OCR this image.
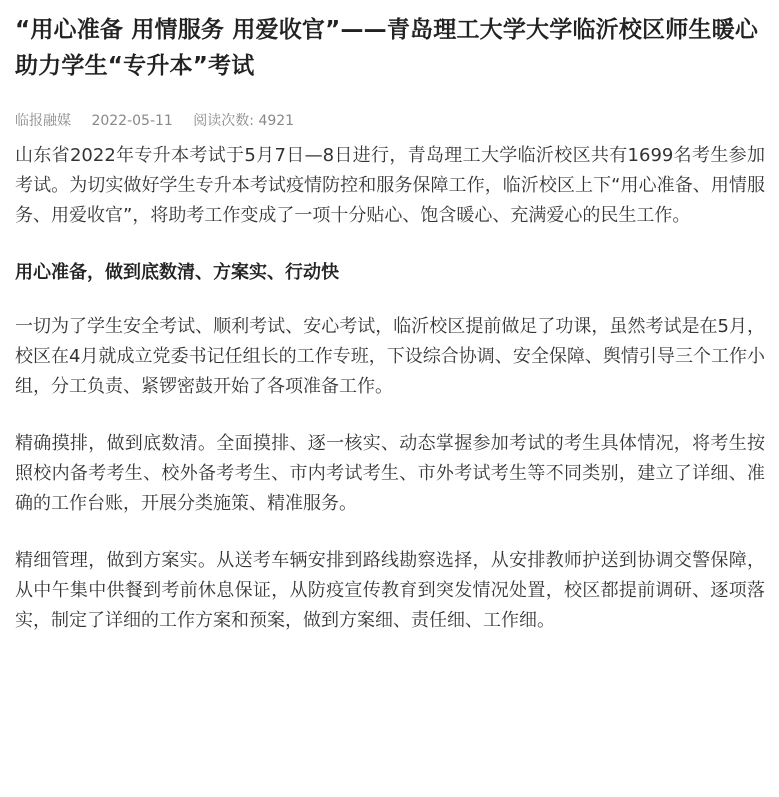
“用心准备 用情服务 用爱收官”——青岛理工大学大学临沂校区师生暖心助力学生“专升本”考试
临报融媒 2022-05-11 阅读次数: 4921

山东省2022年专升本考试于5月7日—8日进行，青岛理工大学临沂校区共有1699名考生参加考试。为切实做好学生专升本考试疫情防控和服务保障工作，临沂校区上下“用心准备、用情服务、用爱收官”，将助考工作变成了一项十分贴心、饱含暖心、充满爱心的民生工作。

用心准备，做到底数清、方案实、行动快

一切为了学生安全考试、顺利考试、安心考试，临沂校区提前做足了功课，虽然考试是在5月，校区在4月就成立党委书记任组长的工作专班，下设综合协调、安全保障、舆情引导三个工作小组，分工负责、紧锣密鼓开始了各项准备工作。

精确摸排，做到底数清。全面摸排、逐一核实、动态掌握参加考试的考生具体情况，将考生按照校内备考考生、校外备考考生、市内考试考生、市外考试考生等不同类别，建立了详细、准确的工作台账，开展分类施策、精准服务。

精细管理，做到方案实。从送考车辆安排到路线勘察选择，从安排教师护送到协调交警保障，从中午集中供餐到考前休息保证，从防疫宣传教育到突发情况处置，校区都提前调研、逐项落实，制定了详细的工作方案和预案，做到方案细、责任细、工作细。
